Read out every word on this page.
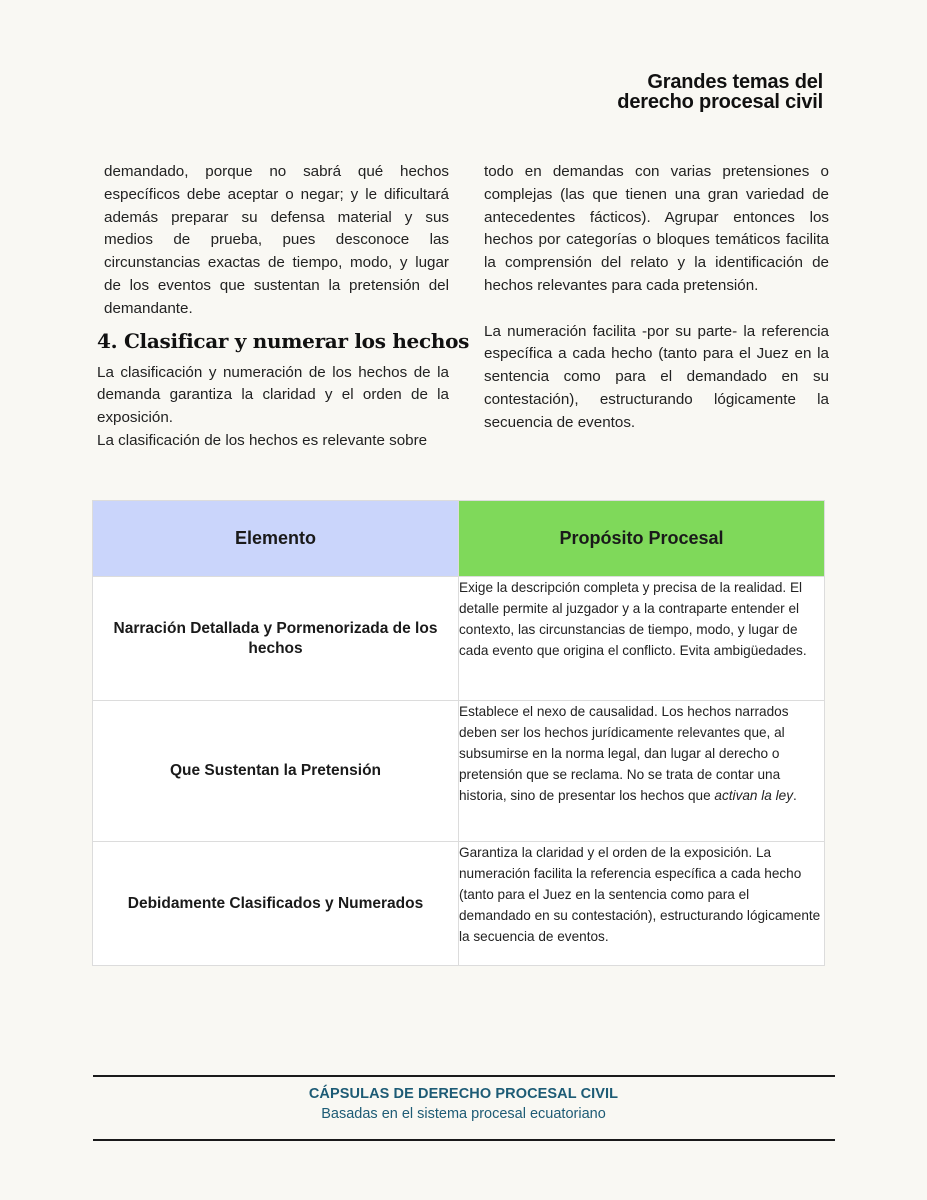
Grandes temas del
derecho procesal civil

demandado, porque no sabrá qué hechos específicos debe aceptar o negar; y le dificultará además preparar su defensa material y sus medios de prueba, pues desconoce las circunstancias exactas de tiempo, modo, y lugar de los eventos que sustentan la pretensión del demandante.

4. Clasificar y numerar los hechos
La clasificación y numeración de los hechos de la demanda garantiza la claridad y el orden de la exposición.
La clasificación de los hechos es relevante sobre

todo en demandas con varias pretensiones o complejas (las que tienen una gran variedad de antecedentes fácticos). Agrupar entonces los hechos por categorías o bloques temáticos facilita la comprensión del relato y la identificación de hechos relevantes para cada pretensión.

La numeración facilita -por su parte- la referencia específica a cada hecho (tanto para el Juez en la sentencia como para el demandado en su contestación), estructurando lógicamente la secuencia de eventos.

Elemento	Propósito Procesal
Narración Detallada y Pormenorizada de los hechos	Exige la descripción completa y precisa de la realidad. El detalle permite al juzgador y a la contraparte entender el contexto, las circunstancias de tiempo, modo, y lugar de cada evento que origina el conflicto. Evita ambigüedades.
Que Sustentan la Pretensión	Establece el nexo de causalidad. Los hechos narrados deben ser los hechos jurídicamente relevantes que, al subsumirse en la norma legal, dan lugar al derecho o pretensión que se reclama. No se trata de contar una historia, sino de presentar los hechos que activan la ley.
Debidamente Clasificados y Numerados	Garantiza la claridad y el orden de la exposición. La numeración facilita la referencia específica a cada hecho (tanto para el Juez en la sentencia como para el demandado en su contestación), estructurando lógicamente la secuencia de eventos.
CÁPSULAS DE DERECHO PROCESAL CIVIL
Basadas en el sistema procesal ecuatoriano
